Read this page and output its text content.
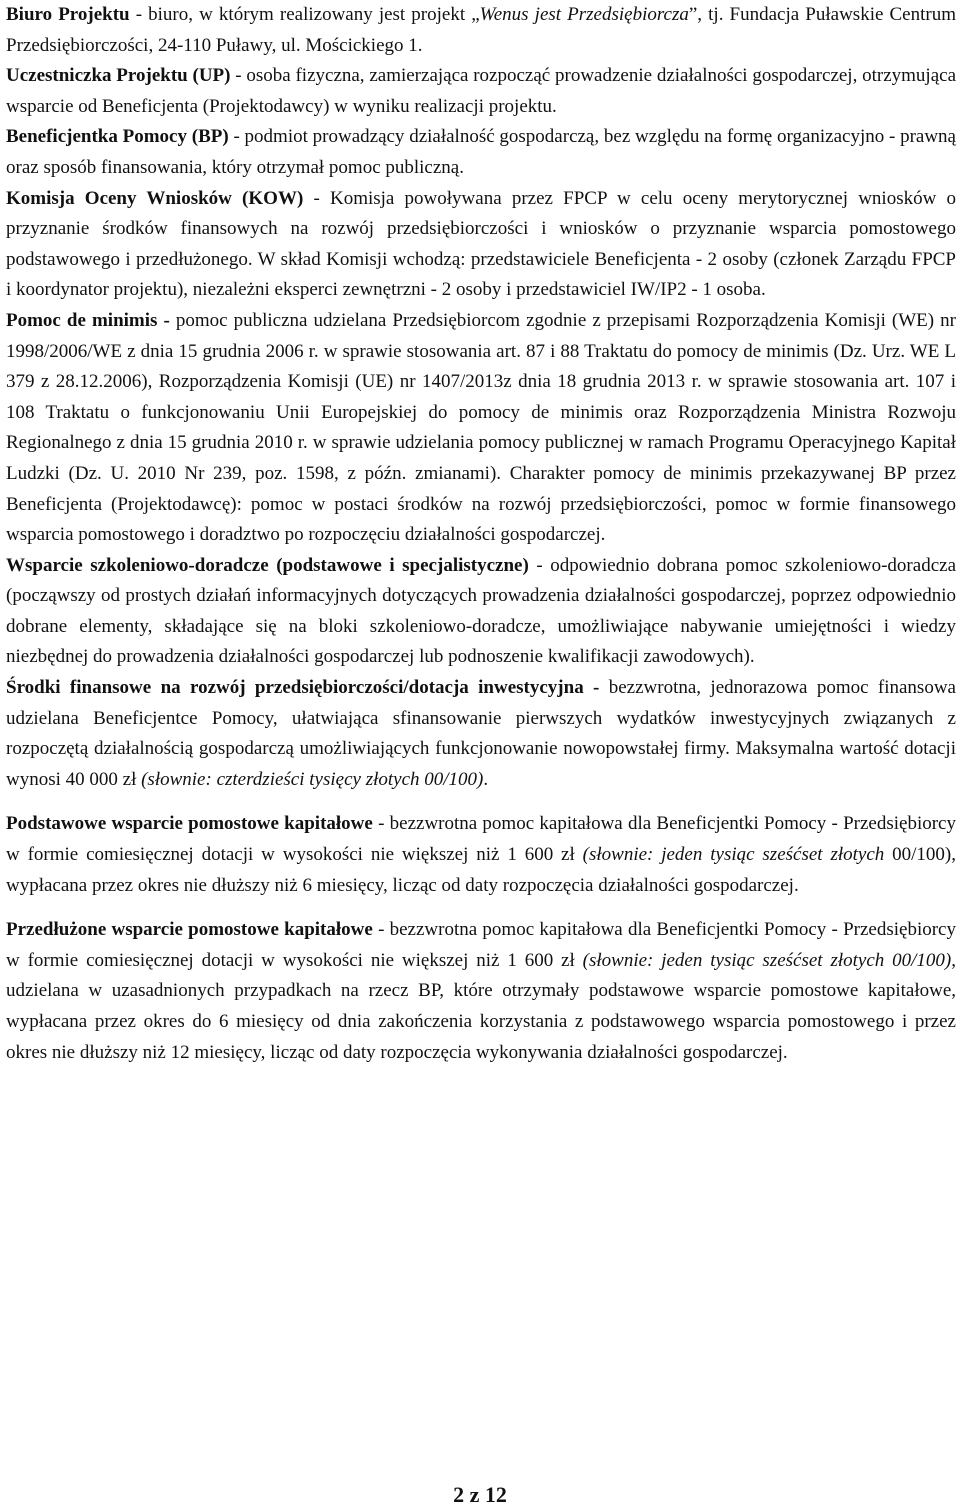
Biuro Projektu - biuro, w którym realizowany jest projekt „Wenus jest Przedsiębiorcza”, tj. Fundacja Puławskie Centrum Przedsiębiorczości, 24-110 Puławy, ul. Mościckiego 1.

Uczestniczka Projektu (UP) - osoba fizyczna, zamierzająca rozpocząć prowadzenie działalności gospodarczej, otrzymująca wsparcie od Beneficjenta (Projektodawcy) w wyniku realizacji projektu.

Beneficjentka Pomocy (BP) - podmiot prowadzący działalność gospodarczą, bez względu na formę organizacyjno - prawną oraz sposób finansowania, który otrzymał pomoc publiczną.

Komisja Oceny Wniosków (KOW) - Komisja powoływana przez FPCP w celu oceny merytorycznej wniosków o przyznanie środków finansowych na rozwój przedsiębiorczości i wniosków o przyznanie wsparcia pomostowego podstawowego i przedłużonego. W skład Komisji wchodzą: przedstawiciele Beneficjenta - 2 osoby (członek Zarządu FPCP i koordynator projektu), niezależni eksperci zewnętrzni - 2 osoby i przedstawiciel IW/IP2 - 1 osoba.

Pomoc de minimis - pomoc publiczna udzielana Przedsiębiorcom zgodnie z przepisami Rozporządzenia Komisji (WE) nr 1998/2006/WE z dnia 15 grudnia 2006 r. w sprawie stosowania art. 87 i 88 Traktatu do pomocy de minimis (Dz. Urz. WE L 379 z 28.12.2006), Rozporządzenia Komisji (UE) nr 1407/2013z dnia 18 grudnia 2013 r. w sprawie stosowania art. 107 i 108 Traktatu o funkcjonowaniu Unii Europejskiej do pomocy de minimis oraz Rozporządzenia Ministra Rozwoju Regionalnego z dnia 15 grudnia 2010 r. w sprawie udzielania pomocy publicznej w ramach Programu Operacyjnego Kapitał Ludzki (Dz. U. 2010 Nr 239, poz. 1598, z późn. zmianami). Charakter pomocy de minimis przekazywanej BP przez Beneficjenta (Projektodawcę): pomoc w postaci środków na rozwój przedsiębiorczości, pomoc w formie finansowego wsparcia pomostowego i doradztwo po rozpoczęciu działalności gospodarczej.

Wsparcie szkoleniowo-doradcze (podstawowe i specjalistyczne) - odpowiednio dobrana pomoc szkoleniowo-doradcza (począwszy od prostych działań informacyjnych dotyczących prowadzenia działalności gospodarczej, poprzez odpowiednio dobrane elementy, składające się na bloki szkoleniowo-doradcze, umożliwiające nabywanie umiejętności i wiedzy niezbędnej do prowadzenia działalności gospodarczej lub podnoszenie kwalifikacji zawodowych).

Środki finansowe na rozwój przedsiębiorczości/dotacja inwestycyjna - bezzwrotna, jednorazowa pomoc finansowa udzielana Beneficjentce Pomocy, ułatwiająca sfinansowanie pierwszych wydatków inwestycyjnych związanych z rozpoczętą działalnością gospodarczą umożliwiających funkcjonowanie nowopowstałej firmy. Maksymalna wartość dotacji wynosi 40 000 zł (słownie: czterdzieści tysięcy złotych 00/100).

Podstawowe wsparcie pomostowe kapitałowe - bezzwrotna pomoc kapitałowa dla Beneficjentki Pomocy - Przedsiębiorcy w formie comiesięcznej dotacji w wysokości nie większej niż 1 600 zł (słownie: jeden tysiąc sześćset złotych 00/100), wypłacana przez okres nie dłuższy niż 6 miesięcy, licząc od daty rozpoczęcia działalności gospodarczej.

Przedłużone wsparcie pomostowe kapitałowe - bezzwrotna pomoc kapitałowa dla Beneficjentki Pomocy - Przedsiębiorcy w formie comiesięcznej dotacji w wysokości nie większej niż 1 600 zł (słownie: jeden tysiąc sześćset złotych 00/100), udzielana w uzasadnionych przypadkach na rzecz BP, które otrzymały podstawowe wsparcie pomostowe kapitałowe, wypłacana przez okres do 6 miesięcy od dnia zakończenia korzystania z podstawowego wsparcia pomostowego i przez okres nie dłuższy niż 12 miesięcy, licząc od daty rozpoczęcia wykonywania działalności gospodarczej.

2 z 12
